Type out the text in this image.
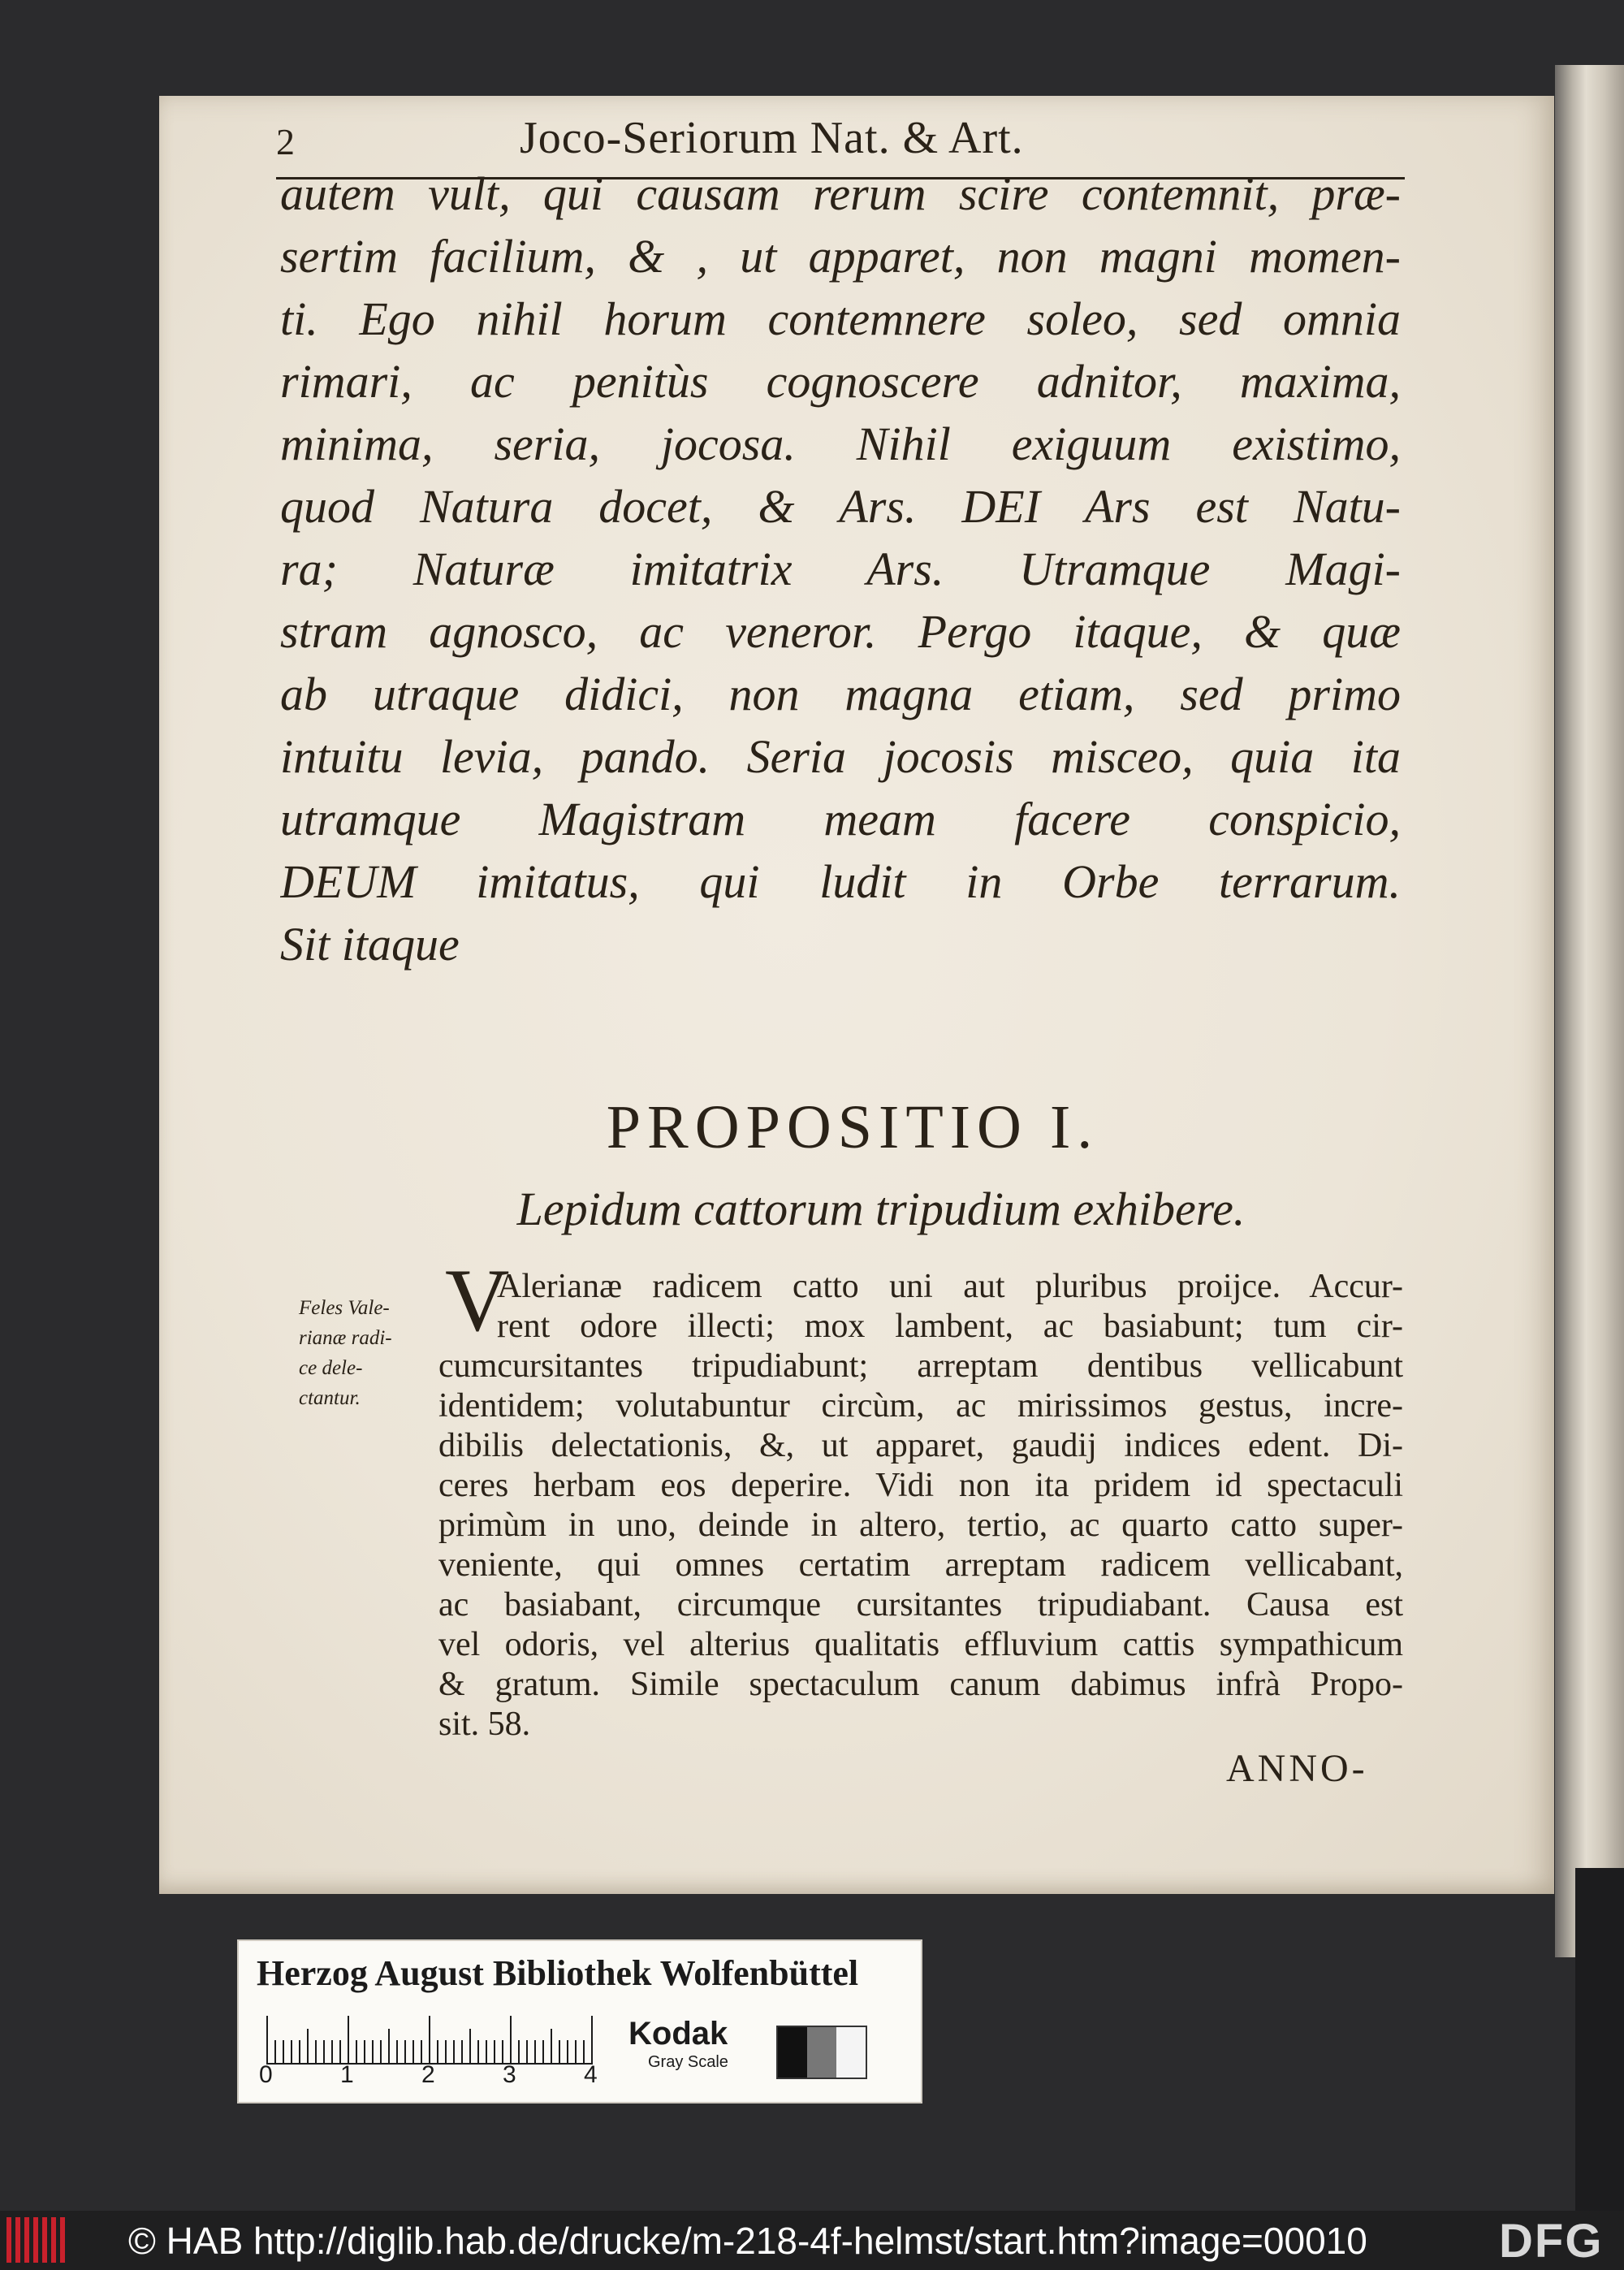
2	Joco-Seriorum Nat. & Art.
autem vult, qui causam rerum scire contemnit, præ-
sertim facilium, & , ut apparet, non magni momen-
ti. Ego nihil horum contemnere soleo, sed omnia
rimari, ac penitùs cognoscere adnitor, maxima,
minima, seria, jocosa. Nihil exiguum existimo,
quod Natura docet, & Ars. DEI Ars est Natu-
ra; Naturæ imitatrix Ars. Utramque Magi-
stram agnosco, ac veneror. Pergo itaque, & quæ
ab utraque didici, non magna etiam, sed primo
intuitu levia, pando. Seria jocosis misceo, quia ita
utramque Magistram meam facere conspicio,
DEUM imitatus, qui ludit in Orbe terrarum.
Sit itaque
PROPOSITIO I.
Lepidum cattorum tripudium exhibere.
Feles Vale-
rianæ radi-
ce dele-
ctantur.
V
Alerianæ radicem catto uni aut pluribus proijce. Accur-
rent odore illecti; mox lambent, ac basiabunt; tum cir-
cumcursitantes tripudiabunt; arreptam dentibus vellicabunt
identidem; volutabuntur circùm, ac mirissimos gestus, incre-
dibilis delectationis, &, ut apparet, gaudij indices edent. Di-
ceres herbam eos deperire. Vidi non ita pridem id spectaculi
primùm in uno, deinde in altero, tertio, ac quarto catto super-
veniente, qui omnes certatim arreptam radicem vellicabant,
ac basiabant, circumque cursitantes tripudiabant. Causa est
vel odoris, vel alterius qualitatis effluvium cattis sympathicum
& gratum. Simile spectaculum canum dabimus infrà Propo-
sit. 58.
ANNO-
Herzog August Bibliothek Wolfenbüttel
0	1	2	3	4
Kodak
Gray Scale
© HAB http://diglib.hab.de/drucke/m-218-4f-helmst/start.htm?image=00010	DFG
